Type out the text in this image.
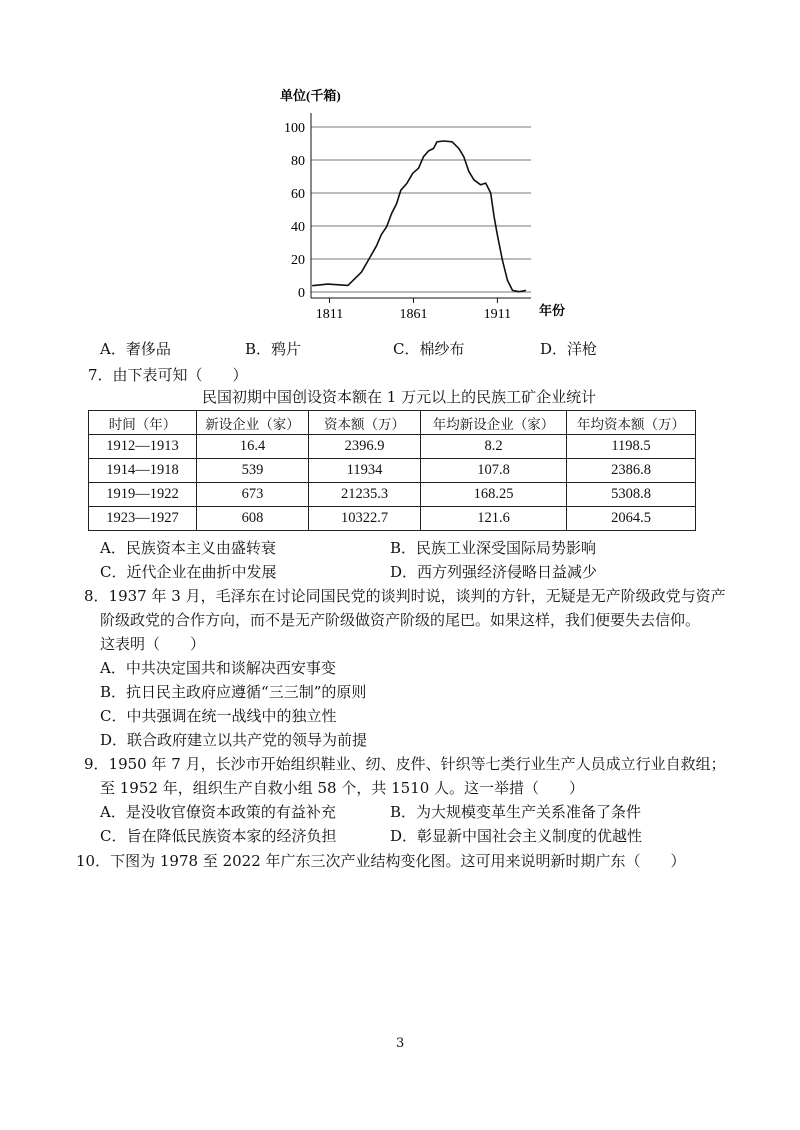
0
20
40
60
80
100
1811	1861	1911
单位(千箱)
年份
A．奢侈品	B．鸦片	C．棉纱布	D．洋枪
7．由下表可知（　　）
民国初期中国创设资本额在 1 万元以上的民族工矿企业统计
时间（年）	新设企业（家）	资本额（万）	年均新设企业（家）	年均资本额（万）
1912—1913	16.4	2396.9	8.2	1198.5
1914—1918	539	11934	107.8	2386.8
1919—1922	673	21235.3	168.25	5308.8
1923—1927	608	10322.7	121.6	2064.5
A．民族资本主义由盛转衰	B．民族工业深受国际局势影响
C．近代企业在曲折中发展	D．西方列强经济侵略日益减少
8．1937 年 3 月，毛泽东在讨论同国民党的谈判时说，谈判的方针，无疑是无产阶级政党与资产
阶级政党的合作方向，而不是无产阶级做资产阶级的尾巴。如果这样，我们便要失去信仰。
这表明（　　）
A．中共决定国共和谈解决西安事变
B．抗日民主政府应遵循“三三制”的原则
C．中共强调在统一战线中的独立性
D．联合政府建立以共产党的领导为前提
9．1950 年 7 月，长沙市开始组织鞋业、纫、皮件、针织等七类行业生产人员成立行业自救组；
至 1952 年，组织生产自救小组 58 个，共 1510 人。这一举措（　　）
A．是没收官僚资本政策的有益补充	B．为大规模变革生产关系准备了条件
C．旨在降低民族资本家的经济负担	D．彰显新中国社会主义制度的优越性
10．下图为 1978 至 2022 年广东三次产业结构变化图。这可用来说明新时期广东（　　）
3
